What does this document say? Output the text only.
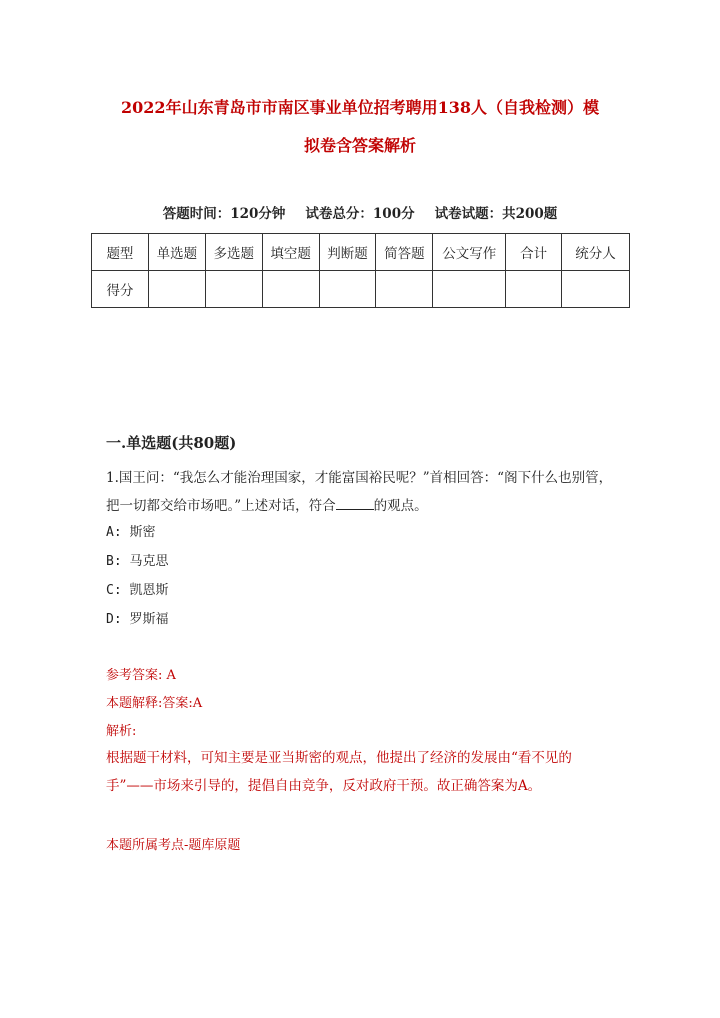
2022年山东青岛市市南区事业单位招考聘用138人（自我检测）模
拟卷含答案解析
答题时间：120分钟 试卷总分：100分 试卷试题：共200题
题型	单选题	多选题	填空题	判断题	简答题	公文写作	合计	统分人
得分								
一.单选题(共80题)
1.国王问：“我怎么才能治理国家，才能富国裕民呢？”首相回答：“阁下什么也别管，把一切都交给市场吧。”上述对话，符合	的观点。
A: 斯密
B: 马克思
C: 凯恩斯
D: 罗斯福
参考答案: A
本题解释:答案:A
解析:
根据题干材料，可知主要是亚当斯密的观点，他提出了经济的发展由“看不见的手”——市场来引导的，提倡自由竞争，反对政府干预。故正确答案为A。
本题所属考点-题库原题
